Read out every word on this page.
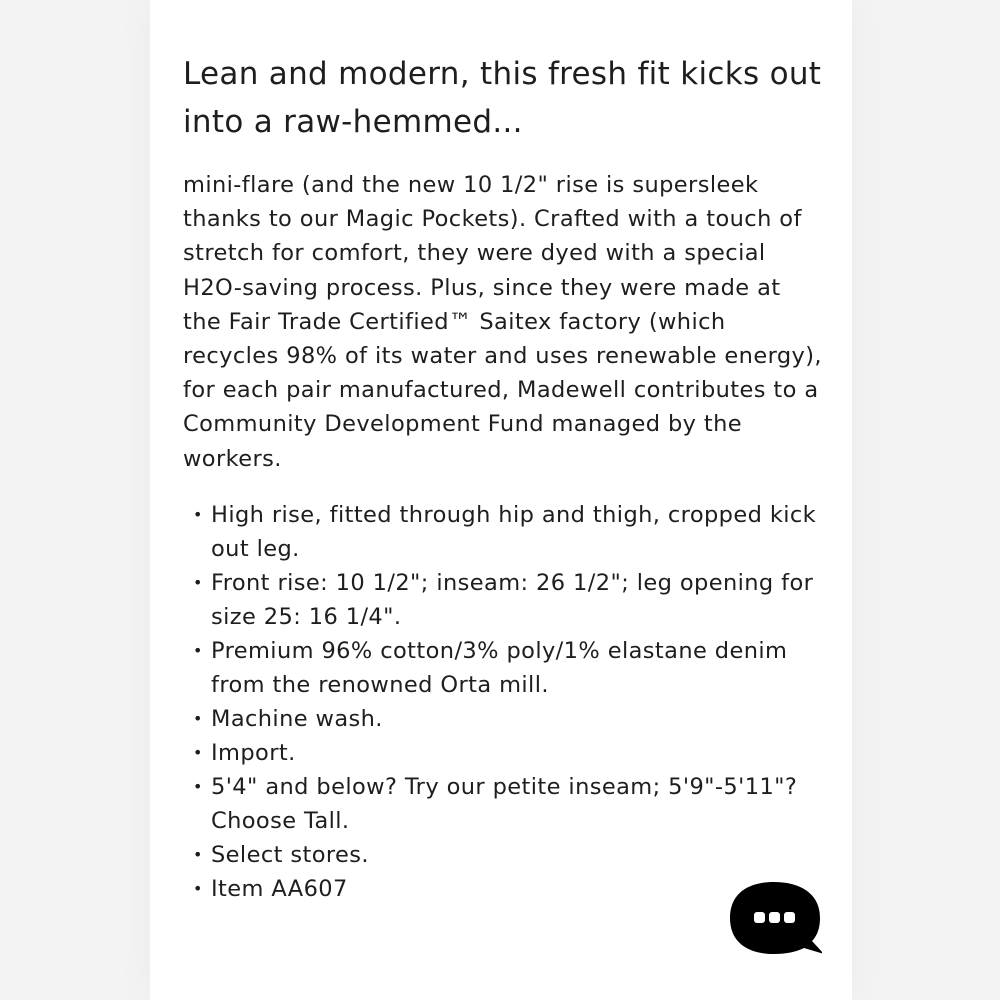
Lean and modern, this fresh fit kicks out into a raw-hemmed...

mini-flare (and the new 10 1/2" rise is supersleek thanks to our Magic Pockets). Crafted with a touch of stretch for comfort, they were dyed with a special H2O-saving process. Plus, since they were made at the Fair Trade Certified™ Saitex factory (which recycles 98% of its water and uses renewable energy), for each pair manufactured, Madewell contributes to a Community Development Fund managed by the workers.

• High rise, fitted through hip and thigh, cropped kick out leg.
• Front rise: 10 1/2"; inseam: 26 1/2"; leg opening for size 25: 16 1/4".
• Premium 96% cotton/3% poly/1% elastane denim from the renowned Orta mill.
• Machine wash.
• Import.
• 5'4" and below? Try our petite inseam; 5'9"-5'11"? Choose Tall.
• Select stores.
• Item AA607
